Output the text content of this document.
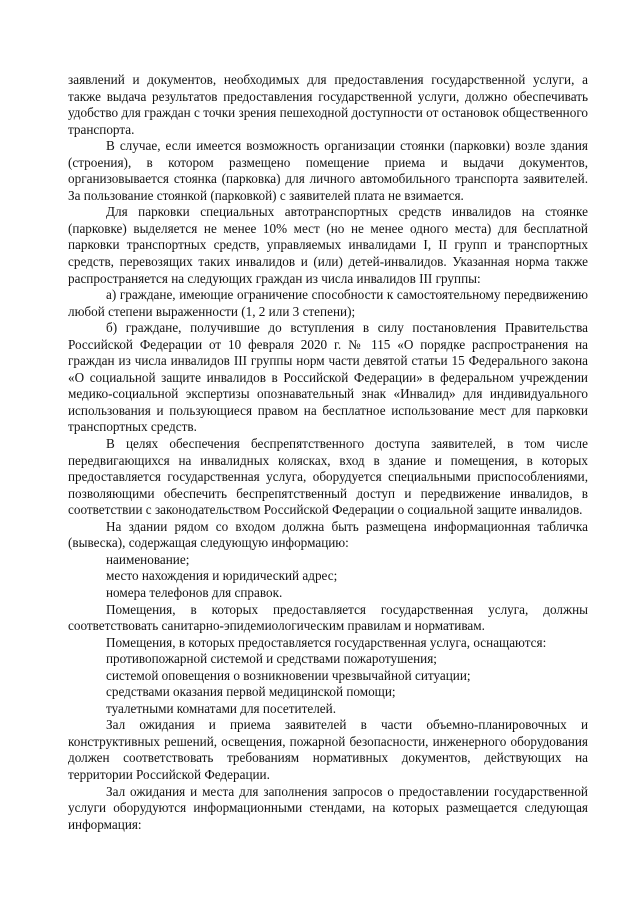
заявлений и документов, необходимых для предоставления государственной услуги, а также выдача результатов предоставления государственной услуги, должно обеспечивать удобство для граждан с точки зрения пешеходной доступности от остановок общественного транспорта.

В случае, если имеется возможность организации стоянки (парковки) возле здания (строения), в котором размещено помещение приема и выдачи документов, организовывается стоянка (парковка) для личного автомобильного транспорта заявителей. За пользование стоянкой (парковкой) с заявителей плата не взимается.

Для парковки специальных автотранспортных средств инвалидов на стоянке (парковке) выделяется не менее 10% мест (но не менее одного места) для бесплатной парковки транспортных средств, управляемых инвалидами I, II групп и транспортных средств, перевозящих таких инвалидов и (или) детей-инвалидов. Указанная норма также распространяется на следующих граждан из числа инвалидов III группы:

а) граждане, имеющие ограничение способности к самостоятельному передвижению любой степени выраженности (1, 2 или 3 степени);

б) граждане, получившие до вступления в силу постановления Правительства Российской Федерации от 10 февраля 2020 г. № 115 «О порядке распространения на граждан из числа инвалидов III группы норм части девятой статьи 15 Федерального закона «О социальной защите инвалидов в Российской Федерации» в федеральном учреждении медико-социальной экспертизы опознавательный знак «Инвалид» для индивидуального использования и пользующиеся правом на бесплатное использование мест для парковки транспортных средств.

В целях обеспечения беспрепятственного доступа заявителей, в том числе передвигающихся на инвалидных колясках, вход в здание и помещения, в которых предоставляется государственная услуга, оборудуется специальными приспособлениями, позволяющими обеспечить беспрепятственный доступ и передвижение инвалидов, в соответствии с законодательством Российской Федерации о социальной защите инвалидов.

На здании рядом со входом должна быть размещена информационная табличка (вывеска), содержащая следующую информацию:

наименование;

место нахождения и юридический адрес;

номера телефонов для справок.

Помещения, в которых предоставляется государственная услуга, должны соответствовать санитарно-эпидемиологическим правилам и нормативам.

Помещения, в которых предоставляется государственная услуга, оснащаются:

противопожарной системой и средствами пожаротушения;

системой оповещения о возникновении чрезвычайной ситуации;

средствами оказания первой медицинской помощи;

туалетными комнатами для посетителей.

Зал ожидания и приема заявителей в части объемно-планировочных и конструктивных решений, освещения, пожарной безопасности, инженерного оборудования должен соответствовать требованиям нормативных документов, действующих на территории Российской Федерации.

Зал ожидания и места для заполнения запросов о предоставлении государственной услуги оборудуются информационными стендами, на которых размещается следующая информация:
